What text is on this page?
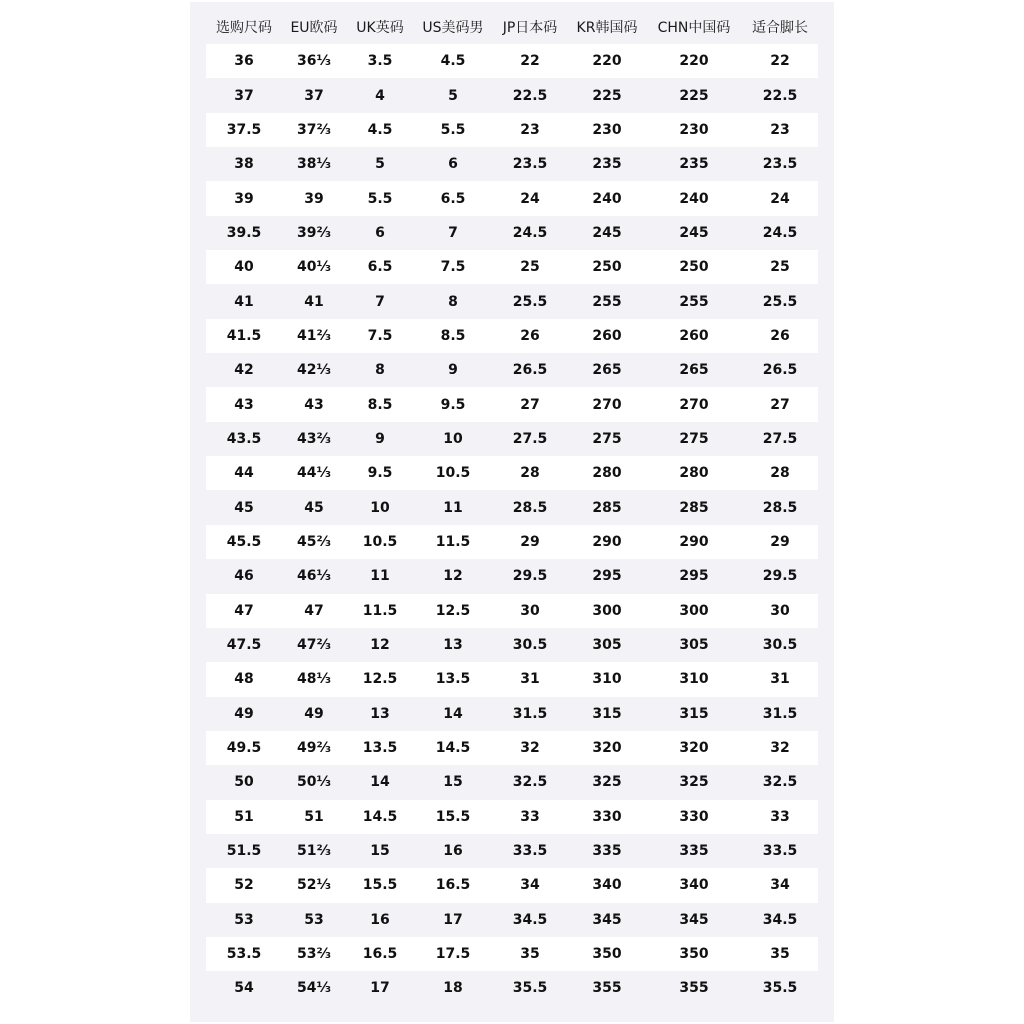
选购尺码	EU欧码	UK英码	US美码男	JP日本码	KR韩国码	CHN中国码	适合脚长
36	36⅓	3.5	4.5	22	220	220	22
37	37	4	5	22.5	225	225	22.5
37.5	37⅔	4.5	5.5	23	230	230	23
38	38⅓	5	6	23.5	235	235	23.5
39	39	5.5	6.5	24	240	240	24
39.5	39⅔	6	7	24.5	245	245	24.5
40	40⅓	6.5	7.5	25	250	250	25
41	41	7	8	25.5	255	255	25.5
41.5	41⅔	7.5	8.5	26	260	260	26
42	42⅓	8	9	26.5	265	265	26.5
43	43	8.5	9.5	27	270	270	27
43.5	43⅔	9	10	27.5	275	275	27.5
44	44⅓	9.5	10.5	28	280	280	28
45	45	10	11	28.5	285	285	28.5
45.5	45⅔	10.5	11.5	29	290	290	29
46	46⅓	11	12	29.5	295	295	29.5
47	47	11.5	12.5	30	300	300	30
47.5	47⅔	12	13	30.5	305	305	30.5
48	48⅓	12.5	13.5	31	310	310	31
49	49	13	14	31.5	315	315	31.5
49.5	49⅔	13.5	14.5	32	320	320	32
50	50⅓	14	15	32.5	325	325	32.5
51	51	14.5	15.5	33	330	330	33
51.5	51⅔	15	16	33.5	335	335	33.5
52	52⅓	15.5	16.5	34	340	340	34
53	53	16	17	34.5	345	345	34.5
53.5	53⅔	16.5	17.5	35	350	350	35
54	54⅓	17	18	35.5	355	355	35.5
